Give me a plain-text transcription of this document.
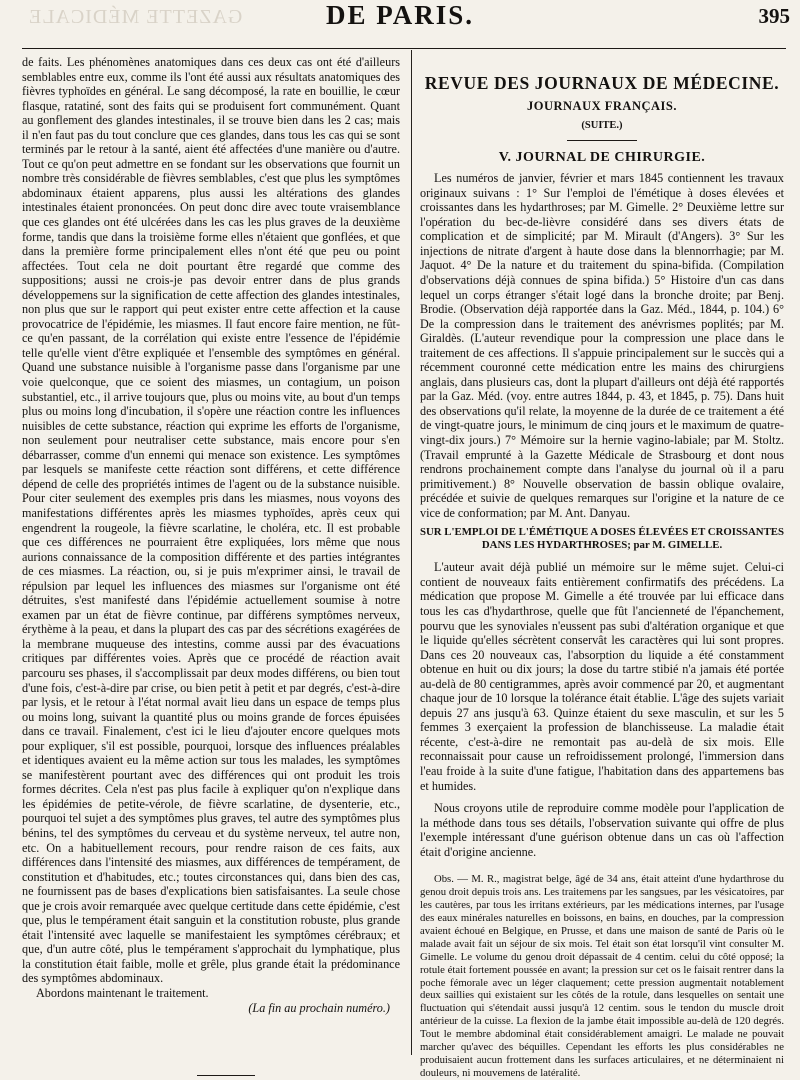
GAZETTE MÉDICALE	DE PARIS.	395

de faits. Les phénomènes anatomiques dans ces deux cas ont été d'ailleurs semblables entre eux, comme ils l'ont été aussi aux résultats anatomiques des fièvres typhoïdes en général. Le sang décomposé, la rate en bouillie, le cœur flasque, ratatiné, sont des faits qui se produisent fort communément. Quant au gonflement des glandes intestinales, il se trouve bien dans les 2 cas; mais il n'en faut pas du tout conclure que ces glandes, dans tous les cas qui se sont terminés par le retour à la santé, aient été affectées d'une manière ou d'autre. Tout ce qu'on peut admettre en se fondant sur les observations que fournit un nombre très considérable de fièvres semblables, c'est que plus les symptômes abdominaux étaient apparens, plus aussi les altérations des glandes intestinales étaient prononcées. On peut donc dire avec toute vraisemblance que ces glandes ont été ulcérées dans les cas les plus graves de la deuxième forme, tandis que dans la troisième forme elles n'étaient que gonflées, et que dans la première forme principalement elles n'ont été que peu ou point affectées. Tout cela ne doit pourtant être regardé que comme des suppositions; aussi ne crois-je pas devoir entrer dans de plus grands développemens sur la signification de cette affection des glandes intestinales, non plus que sur le rapport qui peut exister entre cette affection et la cause provocatrice de l'épidémie, les miasmes. Il faut encore faire mention, ne fût-ce qu'en passant, de la corrélation qui existe entre l'essence de l'épidémie telle qu'elle vient d'être expliquée et l'ensemble des symptômes en général. Quand une substance nuisible à l'organisme passe dans l'organisme par une voie quelconque, que ce soient des miasmes, un contagium, un poison substantiel, etc., il arrive toujours que, plus ou moins vite, au bout d'un temps plus ou moins long d'incubation, il s'opère une réaction contre les influences nuisibles de cette substance, réaction qui exprime les efforts de l'organisme, non seulement pour neutraliser cette substance, mais encore pour s'en débarrasser, comme d'un ennemi qui menace son existence. Les symptômes par lesquels se manifeste cette réaction sont différens, et cette différence dépend de celle des propriétés intimes de l'agent ou de la substance nuisible. Pour citer seulement des exemples pris dans les miasmes, nous voyons des manifestations différentes après les miasmes typhoïdes, après ceux qui engendrent la rougeole, la fièvre scarlatine, le choléra, etc. Il est probable que ces différences ne pourraient être expliquées, lors même que nous aurions connaissance de la composition différente et des parties intégrantes de ces miasmes. La réaction, ou, si je puis m'exprimer ainsi, le travail de répulsion par lequel les influences des miasmes sur l'organisme ont été détruites, s'est manifesté dans l'épidémie actuellement soumise à notre examen par un état de fièvre continue, par différens symptômes nerveux, érythème à la peau, et dans la plupart des cas par des sécrétions exagérées de la membrane muqueuse des intestins, comme aussi par des évacuations critiques par différentes voies. Après que ce procédé de réaction avait parcouru ses phases, il s'accomplissait par deux modes différens, ou bien tout d'une fois, c'est-à-dire par crise, ou bien petit à petit et par degrés, c'est-à-dire par lysis, et le retour à l'état normal avait lieu dans un espace de temps plus ou moins long, suivant la quantité plus ou moins grande de forces épuisées dans ce travail. Finalement, c'est ici le lieu d'ajouter encore quelques mots pour expliquer, s'il est possible, pourquoi, lorsque des influences préalables et identiques avaient eu la même action sur tous les malades, les symptômes se manifestèrent pourtant avec des différences qui ont produit les trois formes décrites. Cela n'est pas plus facile à expliquer qu'on n'explique dans les épidémies de petite-vérole, de fièvre scarlatine, de dysenterie, etc., pourquoi tel sujet a des symptômes plus graves, tel autre des symptômes plus bénins, tel des symptômes du cerveau et du système nerveux, tel autre non, etc. On a habituellement recours, pour rendre raison de ces faits, aux différences dans l'intensité des miasmes, aux différences de tempérament, de constitution et d'habitudes, etc.; toutes circonstances qui, dans bien des cas, ne fournissent pas de bases d'explications bien satisfaisantes. La seule chose que je crois avoir remarquée avec quelque certitude dans cette épidémie, c'est que, plus le tempérament était sanguin et la constitution robuste, plus grande était l'intensité avec laquelle se manifestaient les symptômes cérébraux; et que, d'un autre côté, plus le tempérament s'approchait du lymphatique, plus la constitution était faible, molle et grêle, plus grande était la prédominance des symptômes abdominaux.

Abordons maintenant le traitement.

(La fin au prochain numéro.)

REVUE DES JOURNAUX DE MÉDECINE.
JOURNAUX FRANÇAIS.
(SUITE.)
V. JOURNAL DE CHIRURGIE.

Les numéros de janvier, février et mars 1845 contiennent les travaux originaux suivans : 1° Sur l'emploi de l'émétique à doses élevées et croissantes dans les hydarthroses; par M. Gimelle. 2° Deuxième lettre sur l'opération du bec-de-lièvre considéré dans ses divers états de complication et de simplicité; par M. Mirault (d'Angers). 3° Sur les injections de nitrate d'argent à haute dose dans la blennorrhagie; par M. Jaquot. 4° De la nature et du traitement du spina-bifida. (Compilation d'observations déjà connues de spina bifida.) 5° Histoire d'un cas dans lequel un corps étranger s'était logé dans la bronche droite; par Benj. Brodie. (Observation déjà rapportée dans la Gaz. Méd., 1844, p. 104.) 6° De la compression dans le traitement des anévrismes poplités; par M. Giraldès. (L'auteur revendique pour la compression une place dans le traitement de ces affections. Il s'appuie principalement sur le succès qui a récemment couronné cette médication entre les mains des chirurgiens anglais, dans plusieurs cas, dont la plupart d'ailleurs ont déjà été rapportés par la Gaz. Méd. (voy. entre autres 1844, p. 43, et 1845, p. 75). Dans huit des observations qu'il relate, la moyenne de la durée de ce traitement a été de vingt-quatre jours, le minimum de cinq jours et le maximum de quatre-vingt-dix jours.) 7° Mémoire sur la hernie vagino-labiale; par M. Stoltz. (Travail emprunté à la Gazette Médicale de Strasbourg et dont nous rendrons prochainement compte dans l'analyse du journal où il a paru primitivement.) 8° Nouvelle observation de bassin oblique ovalaire, précédée et suivie de quelques remarques sur l'origine et la nature de ce vice de conformation; par M. Ant. Danyau.

SUR L'EMPLOI DE L'ÉMÉTIQUE A DOSES ÉLEVÉES ET CROISSANTES DANS LES HYDARTHROSES; par M. GIMELLE.

L'auteur avait déjà publié un mémoire sur le même sujet. Celui-ci contient de nouveaux faits entièrement confirmatifs des précédens. La médication que propose M. Gimelle a été trouvée par lui efficace dans tous les cas d'hydarthrose, quelle que fût l'ancienneté de l'épanchement, pourvu que les synoviales n'eussent pas subi d'altération organique et que le liquide qu'elles sécrètent conservât les caractères qui lui sont propres. Dans ces 20 nouveaux cas, l'absorption du liquide a été constamment obtenue en huit ou dix jours; la dose du tartre stibié n'a jamais été portée au-delà de 80 centigrammes, après avoir commencé par 20, et augmentant chaque jour de 10 lorsque la tolérance était établie. L'âge des sujets variait depuis 27 ans jusqu'à 63. Quinze étaient du sexe masculin, et sur les 5 femmes 3 exerçaient la profession de blanchisseuse. La maladie était récente, c'est-à-dire ne remontait pas au-delà de six mois. Elle reconnaissait pour cause un refroidissement prolongé, l'immersion dans l'eau froide à la suite d'une fatigue, l'habitation dans des appartemens bas et humides.

Nous croyons utile de reproduire comme modèle pour l'application de la méthode dans tous ses détails, l'observation suivante qui offre de plus l'exemple intéressant d'une guérison obtenue dans un cas où l'affection était d'origine ancienne.

Obs. — M. R., magistrat belge, âgé de 34 ans, était atteint d'une hydarthrose du genou droit depuis trois ans. Les traitemens par les sangsues, par les vésicatoires, par les cautères, par tous les irritans extérieurs, par les médications internes, par l'usage des eaux minérales naturelles en boissons, en bains, en douches, par la compression avaient échoué en Belgique, en Prusse, et dans une maison de santé de Paris où le malade avait fait un séjour de six mois. Tel était son état lorsqu'il vint consulter M. Gimelle. Le volume du genou droit dépassait de 4 centim. celui du côté opposé; la rotule était fortement poussée en avant; la pression sur cet os le faisait rentrer dans la poche fémorale avec un léger claquement; cette pression augmentait notablement deux saillies qui existaient sur les côtés de la rotule, dans lesquelles on sentait une fluctuation qui s'étendait aussi jusqu'à 12 centim. sous le tendon du muscle droit antérieur de la cuisse. La flexion de la jambe était impossible au-delà de 120 degrés. Tout le membre abdominal était considérablement amaigri. Le malade ne pouvait marcher qu'avec des béquilles. Cependant les efforts les plus considérables ne produisaient aucun frottement dans les surfaces articulaires, et ne déterminaient ni douleurs, ni mouvemens de latéralité.
